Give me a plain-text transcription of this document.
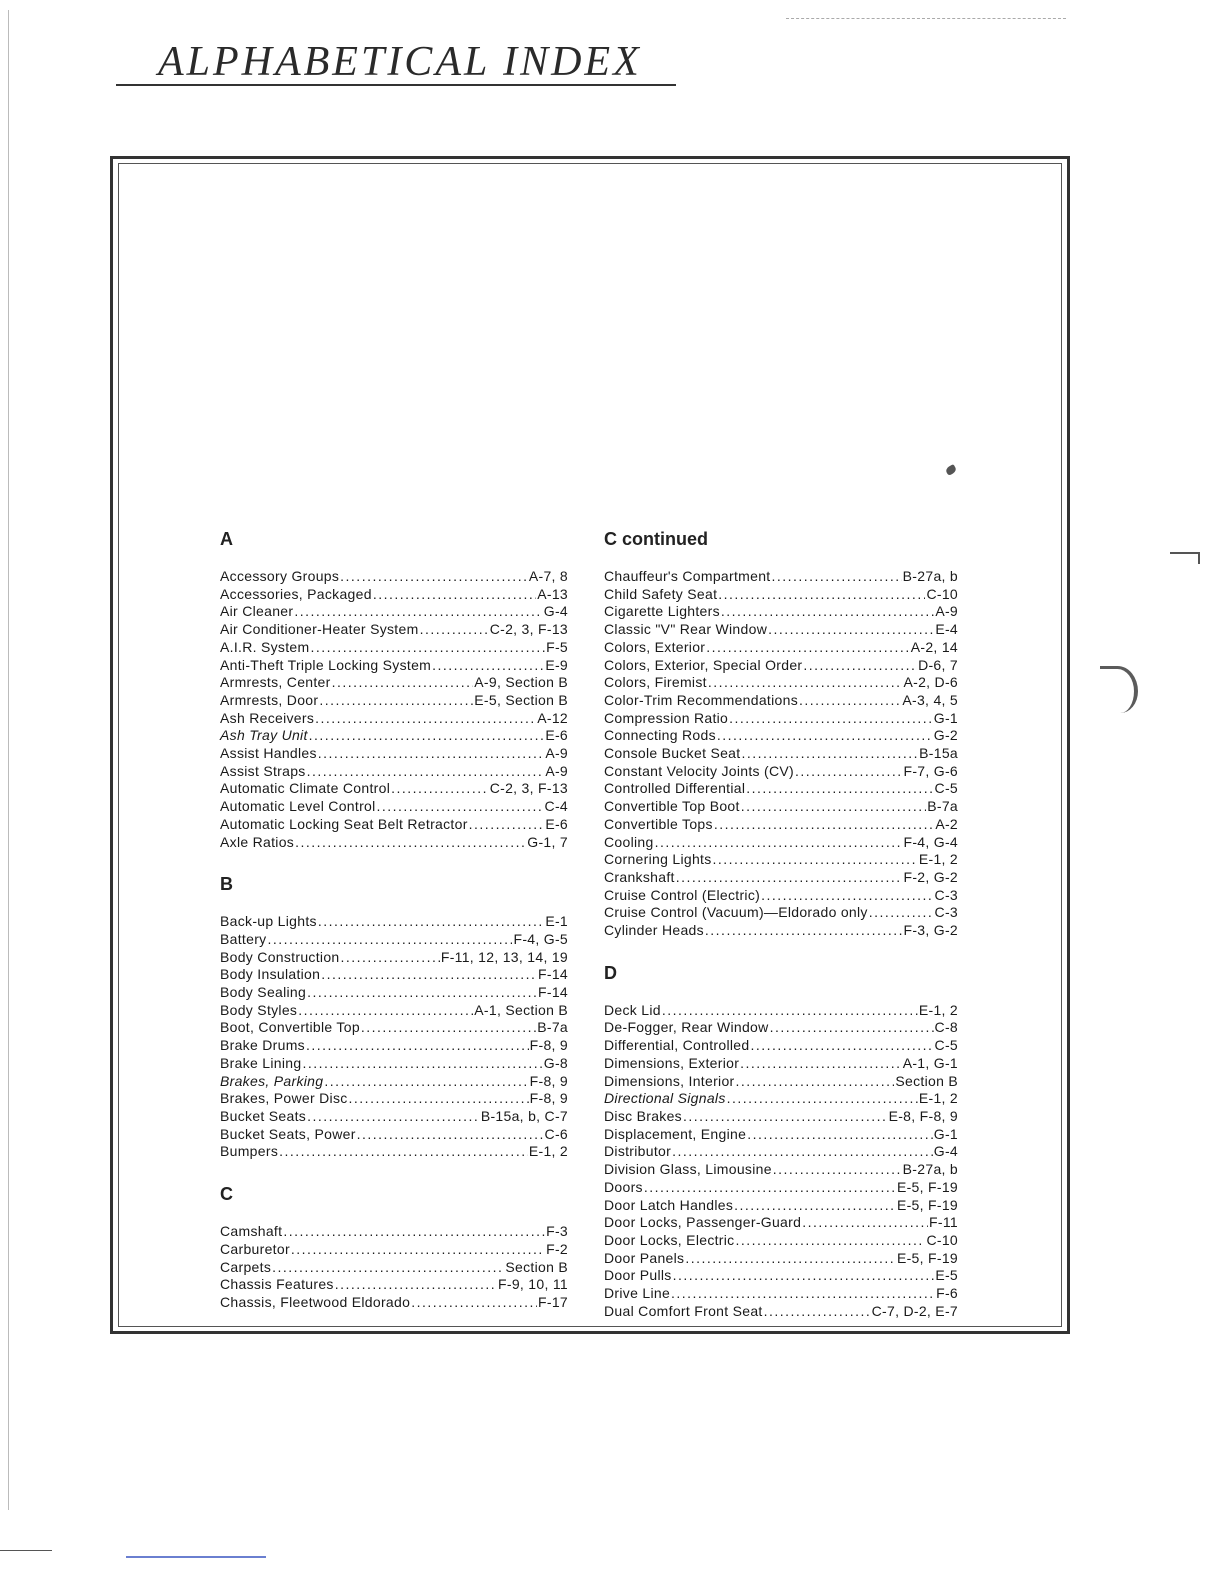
ALPHABETICAL INDEX
A
Accessory Groups . . .	A-7, 8
Accessories, Packaged . . .	A-13
Air Cleaner . . .	G-4
Air Conditioner-Heater System . . .	C-2, 3, F-13
A.I.R. System . . .	F-5
Anti-Theft Triple Locking System . . .	E-9
Armrests, Center . . .	A-9, Section B
Armrests, Door . . .	E-5, Section B
Ash Receivers . . .	A-12
Ash Tray Unit . . .	E-6
Assist Handles . . .	A-9
Assist Straps . . .	A-9
Automatic Climate Control . . .	C-2, 3, F-13
Automatic Level Control . . .	C-4
Automatic Locking Seat Belt Retractor . . .	E-6
Axle Ratios . . .	G-1, 7
B
Back-up Lights . . .	E-1
Battery . . .	F-4, G-5
Body Construction . . .	F-11, 12, 13, 14, 19
Body Insulation . . .	F-14
Body Sealing . . .	F-14
Body Styles . . .	A-1, Section B
Boot, Convertible Top . . .	B-7a
Brake Drums . . .	F-8, 9
Brake Lining . . .	G-8
Brakes, Parking . . .	F-8, 9
Brakes, Power Disc . . .	F-8, 9
Bucket Seats . . .	B-15a, b, C-7
Bucket Seats, Power . . .	C-6
Bumpers . . .	E-1, 2
C
Camshaft . . .	F-3
Carburetor . . .	F-2
Carpets . . .	Section B
Chassis Features . . .	F-9, 10, 11
Chassis, Fleetwood Eldorado . . .	F-17
C continued
Chauffeur's Compartment . . .	B-27a, b
Child Safety Seat . . .	C-10
Cigarette Lighters . . .	A-9
Classic "V" Rear Window . . .	E-4
Colors, Exterior . . .	A-2, 14
Colors, Exterior, Special Order . . .	D-6, 7
Colors, Firemist . . .	A-2, D-6
Color-Trim Recommendations . . .	A-3, 4, 5
Compression Ratio . . .	G-1
Connecting Rods . . .	G-2
Console Bucket Seat . . .	B-15a
Constant Velocity Joints (CV) . . .	F-7, G-6
Controlled Differential . . .	C-5
Convertible Top Boot . . .	B-7a
Convertible Tops . . .	A-2
Cooling . . .	F-4, G-4
Cornering Lights . . .	E-1, 2
Crankshaft . . .	F-2, G-2
Cruise Control (Electric) . . .	C-3
Cruise Control (Vacuum)—Eldorado only . . .	C-3
Cylinder Heads . . .	F-3, G-2
D
Deck Lid . . .	E-1, 2
De-Fogger, Rear Window . . .	C-8
Differential, Controlled . . .	C-5
Dimensions, Exterior . . .	A-1, G-1
Dimensions, Interior . . .	Section B
Directional Signals . . .	E-1, 2
Disc Brakes . . .	E-8, F-8, 9
Displacement, Engine . . .	G-1
Distributor . . .	G-4
Division Glass, Limousine . . .	B-27a, b
Doors . . .	E-5, F-19
Door Latch Handles . . .	E-5, F-19
Door Locks, Passenger-Guard . . .	F-11
Door Locks, Electric . . .	C-10
Door Panels . . .	E-5, F-19
Door Pulls . . .	E-5
Drive Line . . .	F-6
Dual Comfort Front Seat . . .	C-7, D-2, E-7
